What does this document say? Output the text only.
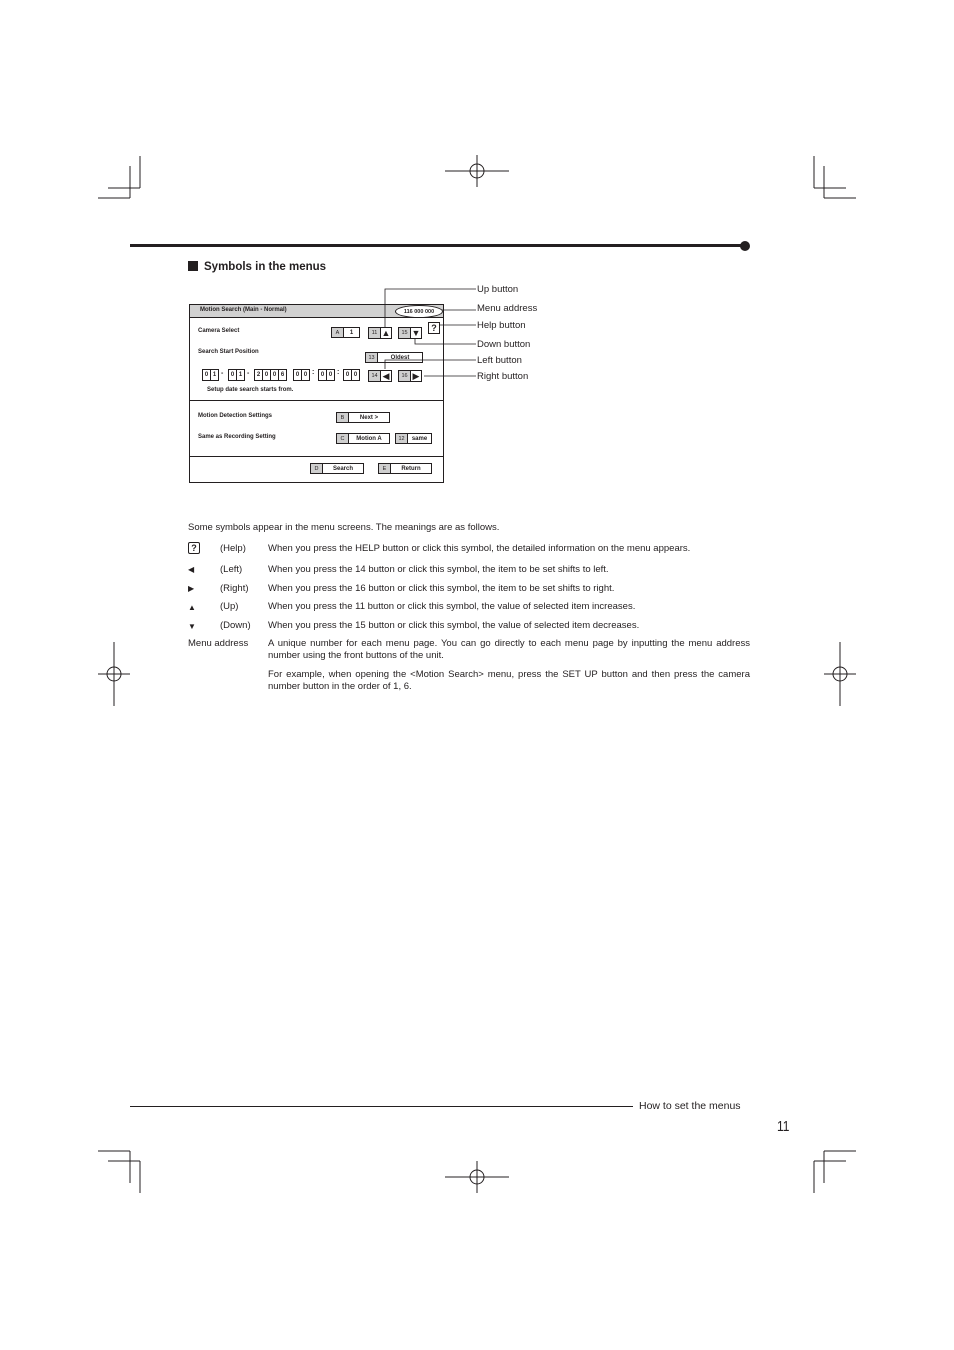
Symbols in the menus
Motion Search (Main - Normal)	116 000 000
Camera Select	A	1	11 ▲	15 ▼	?
Search Start Position
13	Oldest
0 1 -	0 1 -	2 0 0 6	0 0 :	0 0 :	0 0	14 ◀	16 ▶
Setup date search starts from.
Motion Detection Settings	B	Next >
Same as Recording Setting	C	Motion A	12	same
D	Search	E	Return
Up button
Menu address
Help button
Down button
Left button
Right button
Some symbols appear in the menu screens. The meanings are as follows.
?	(Help) When you press the HELP button or click this symbol, the detailed information on the menu appears.
◀	(Left)	When you press the 14 button or click this symbol, the item to be set shifts to left.
▶	(Right) When you press the 16 button or click this symbol, the item to be set shifts to right.
▲	(Up)	When you press the 11 button or click this symbol, the value of selected item increases.
▼	(Down) When you press the 15 button or click this symbol, the value of selected item decreases.
Menu address A unique number for each menu page. You can go directly to each menu page by inputting the menu address number using the front buttons of the unit.
For example, when opening the <Motion Search> menu, press the SET UP button and then press the camera number button in the order of 1, 6.
How to set the menus
11
